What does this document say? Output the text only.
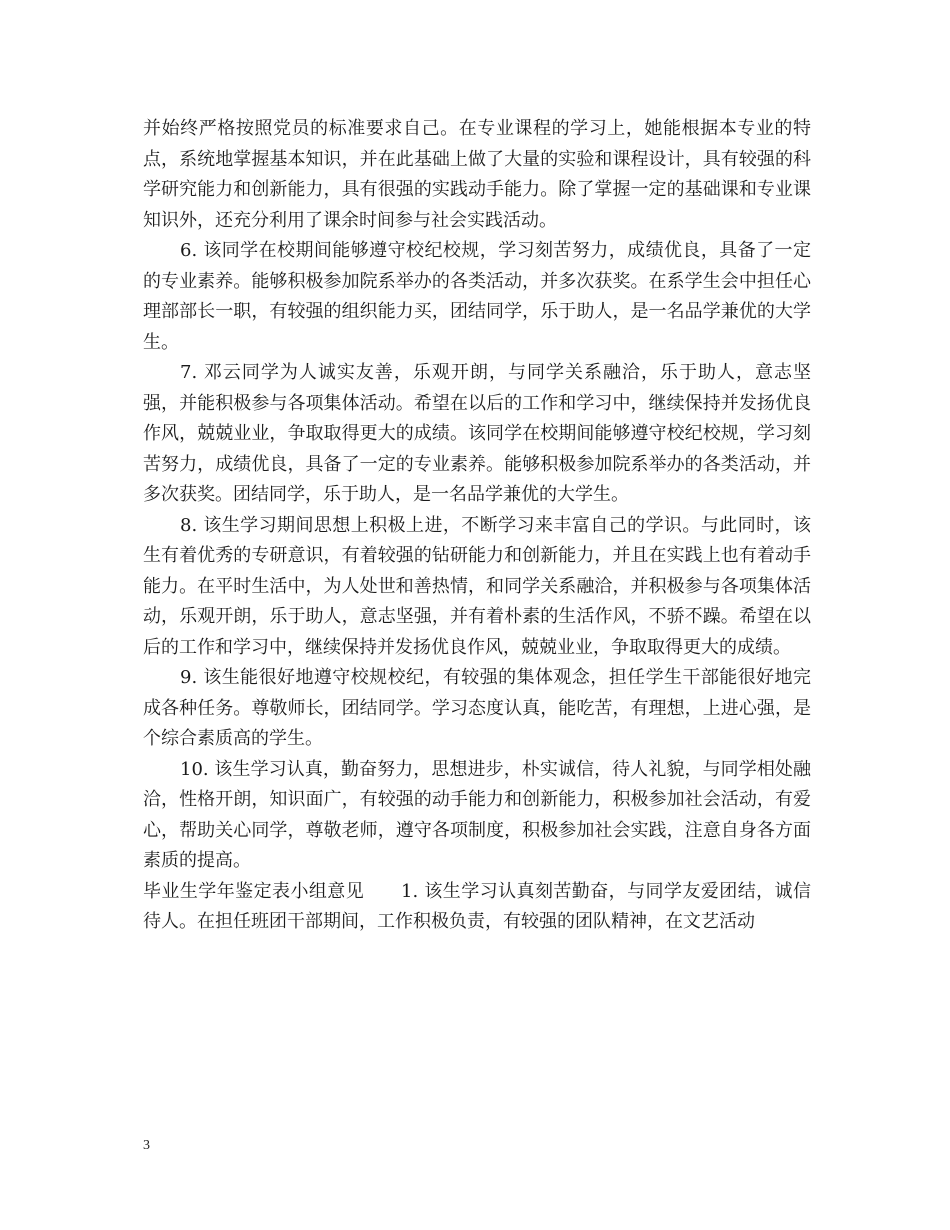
并始终严格按照党员的标准要求自己。在专业课程的学习上，她能根据本专业的特点，系统地掌握基本知识，并在此基础上做了大量的实验和课程设计，具有较强的科学研究能力和创新能力，具有很强的实践动手能力。除了掌握一定的基础课和专业课知识外，还充分利用了课余时间参与社会实践活动。

6. 该同学在校期间能够遵守校纪校规，学习刻苦努力，成绩优良，具备了一定的专业素养。能够积极参加院系举办的各类活动，并多次获奖。在系学生会中担任心理部部长一职，有较强的组织能力买，团结同学，乐于助人，是一名品学兼优的大学生。

7. 邓云同学为人诚实友善，乐观开朗，与同学关系融洽，乐于助人，意志坚强，并能积极参与各项集体活动。希望在以后的工作和学习中，继续保持并发扬优良作风，兢兢业业，争取取得更大的成绩。该同学在校期间能够遵守校纪校规，学习刻苦努力，成绩优良，具备了一定的专业素养。能够积极参加院系举办的各类活动，并多次获奖。团结同学，乐于助人，是一名品学兼优的大学生。

8. 该生学习期间思想上积极上进，不断学习来丰富自己的学识。与此同时，该生有着优秀的专研意识，有着较强的钻研能力和创新能力，并且在实践上也有着动手能力。在平时生活中，为人处世和善热情，和同学关系融洽，并积极参与各项集体活动，乐观开朗，乐于助人，意志坚强，并有着朴素的生活作风，不骄不躁。希望在以后的工作和学习中，继续保持并发扬优良作风，兢兢业业，争取取得更大的成绩。

9. 该生能很好地遵守校规校纪，有较强的集体观念，担任学生干部能很好地完成各种任务。尊敬师长，团结同学。学习态度认真，能吃苦，有理想，上进心强，是个综合素质高的学生。

10. 该生学习认真，勤奋努力，思想进步，朴实诚信，待人礼貌，与同学相处融洽，性格开朗，知识面广，有较强的动手能力和创新能力，积极参加社会活动，有爱心，帮助关心同学，尊敬老师，遵守各项制度，积极参加社会实践，注意自身各方面素质的提高。

毕业生学年鉴定表小组意见　　1. 该生学习认真刻苦勤奋，与同学友爱团结，诚信待人。在担任班团干部期间，工作积极负责，有较强的团队精神，在文艺活动

3
